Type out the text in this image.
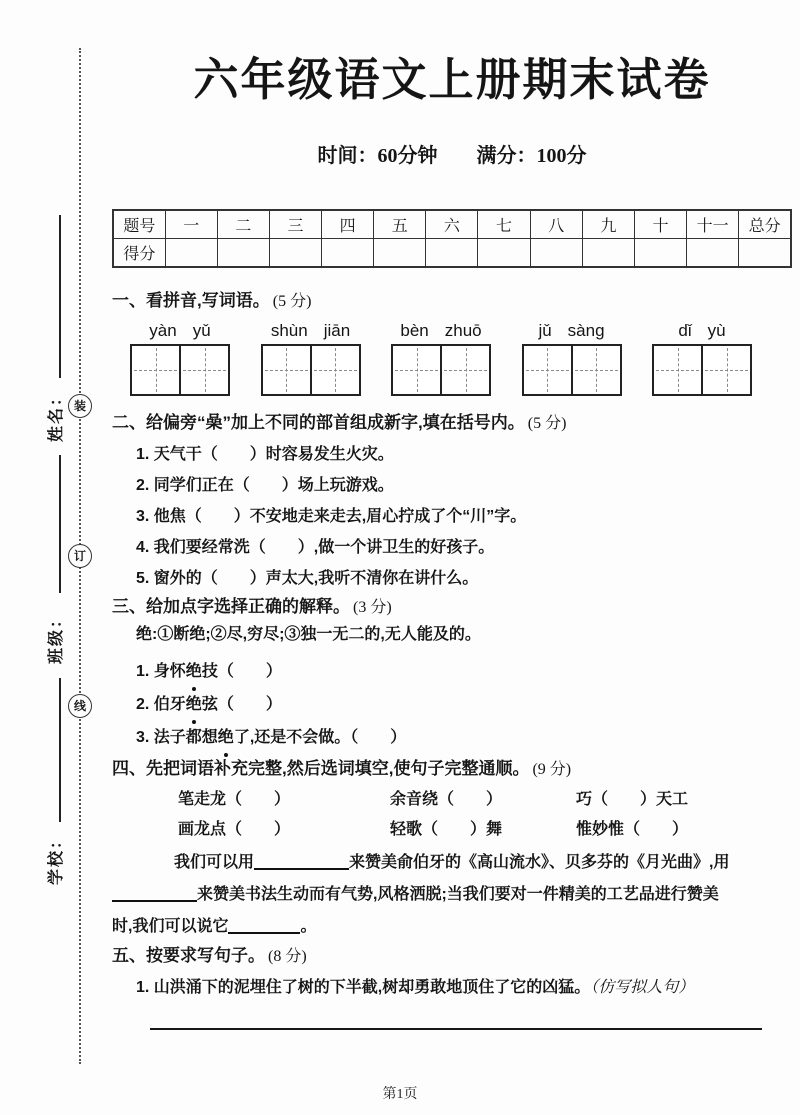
姓名：
班级：
学校：
装
订
线
六年级语文上册期末试卷
时间：60分钟 满分：100分
题号	一	二	三	四	五	六	七	八	九	十	十一	总分
得分												
一、看拼音,写词语。 (5 分)
yàn yǔ	shùn jiān	bèn zhuō	jǔ sàng	dǐ yù
二、给偏旁“喿”加上不同的部首组成新字,填在括号内。 (5 分)
1. 天气干（　　）时容易发生火灾。
2. 同学们正在（　　）场上玩游戏。
3. 他焦（　　）不安地走来走去,眉心拧成了个“川”字。
4. 我们要经常洗（　　）,做一个讲卫生的好孩子。
5. 窗外的（　　）声太大,我听不清你在讲什么。
三、给加点字选择正确的解释。 (3 分)
绝:①断绝;②尽,穷尽;③独一无二的,无人能及的。
1. 身怀绝技（　　）
2. 伯牙绝弦（　　）
3. 法子都想绝了,还是不会做。（　　）
四、先把词语补充完整,然后选词填空,使句子完整通顺。 (9 分)
笔走龙（　　）	余音绕（　　）	巧（　　）天工
画龙点（　　）	轻歌（　　）舞	惟妙惟（　　）
我们可以用	来赞美俞伯牙的《高山流水》、贝多芬的《月光曲》,用
来赞美书法生动而有气势,风格洒脱;当我们要对一件精美的工艺品进行赞美
时,我们可以说它	。
五、按要求写句子。 (8 分)
1. 山洪涌下的泥埋住了树的下半截,树却勇敢地顶住了它的凶猛。（仿写拟人句）
第1页
